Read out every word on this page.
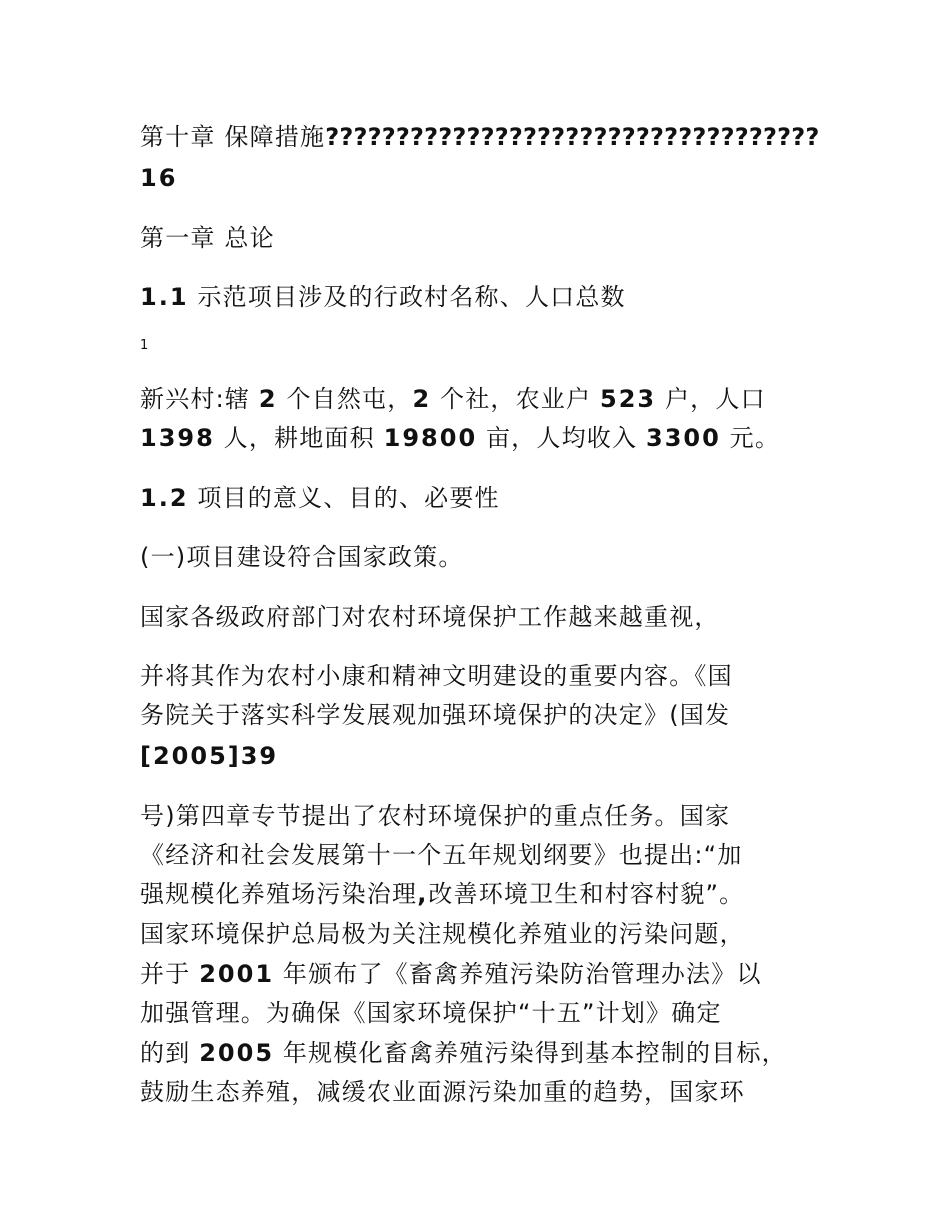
第十章 保障措施???????????????????????????????????
16
第一章 总论
1.1 示范项目涉及的行政村名称、人口总数
1
新兴村:辖 2 个自然屯，2 个社，农业户 523 户，人口
1398 人，耕地面积 19800 亩，人均收入 3300 元。
1.2 项目的意义、目的、必要性
(一)项目建设符合国家政策。
国家各级政府部门对农村环境保护工作越来越重视，
并将其作为农村小康和精神文明建设的重要内容。《国
务院关于落实科学发展观加强环境保护的决定》(国发
[2005]39
号)第四章专节提出了农村环境保护的重点任务。国家
《经济和社会发展第十一个五年规划纲要》也提出:“加
强规模化养殖场污染治理,改善环境卫生和村容村貌”。
国家环境保护总局极为关注规模化养殖业的污染问题，
并于 2001 年颁布了《畜禽养殖污染防治管理办法》以
加强管理。为确保《国家环境保护“十五”计划》确定
的到 2005 年规模化畜禽养殖污染得到基本控制的目标，
鼓励生态养殖，减缓农业面源污染加重的趋势，国家环
